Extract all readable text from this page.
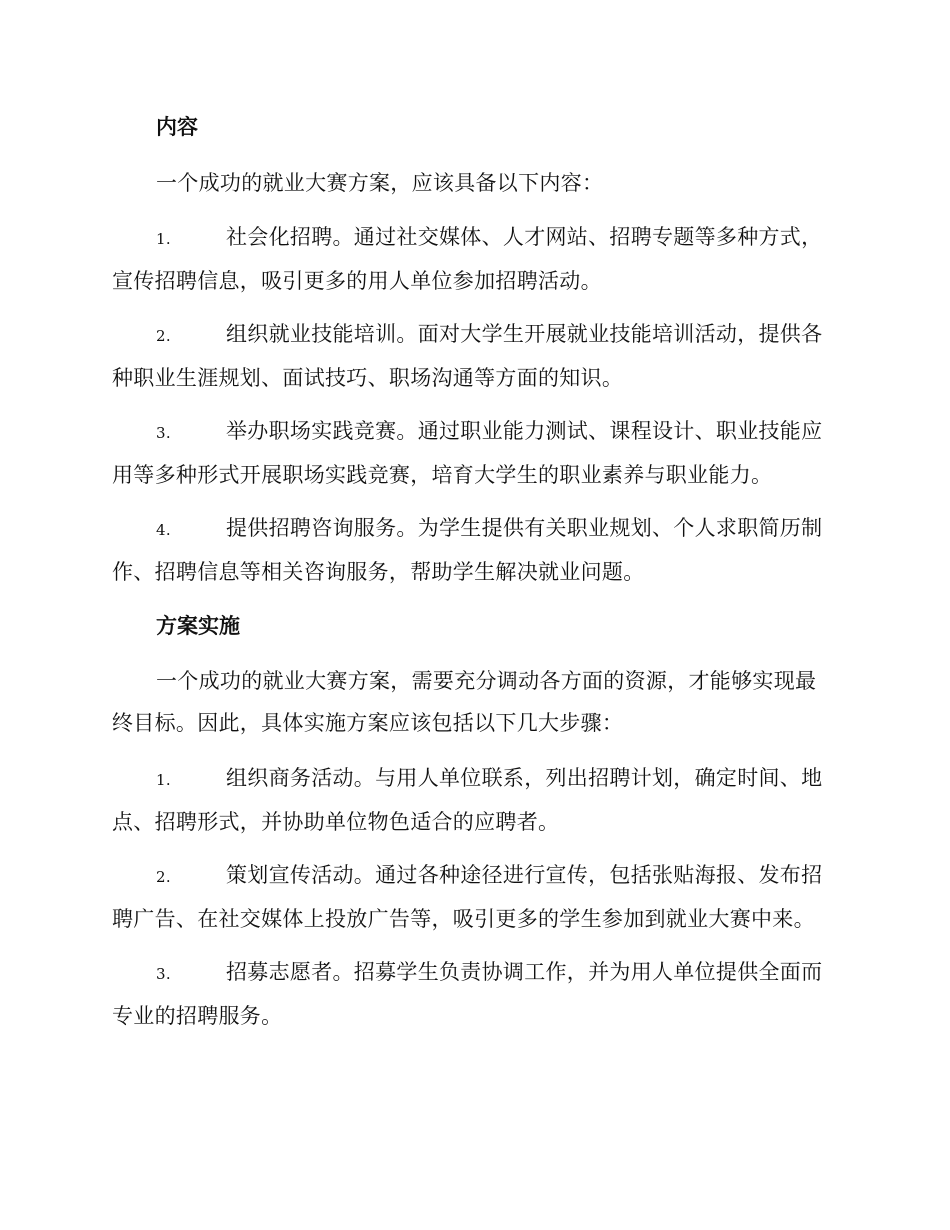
内容
一个成功的就业大赛方案，应该具备以下内容：
1.	社会化招聘。通过社交媒体、人才网站、招聘专题等多种方式，宣传招聘信息，吸引更多的用人单位参加招聘活动。
2.	组织就业技能培训。面对大学生开展就业技能培训活动，提供各种职业生涯规划、面试技巧、职场沟通等方面的知识。
3.	举办职场实践竞赛。通过职业能力测试、课程设计、职业技能应用等多种形式开展职场实践竞赛，培育大学生的职业素养与职业能力。
4.	提供招聘咨询服务。为学生提供有关职业规划、个人求职简历制作、招聘信息等相关咨询服务，帮助学生解决就业问题。
方案实施
一个成功的就业大赛方案，需要充分调动各方面的资源，才能够实现最终目标。因此，具体实施方案应该包括以下几大步骤：
1.	组织商务活动。与用人单位联系，列出招聘计划，确定时间、地点、招聘形式，并协助单位物色适合的应聘者。
2.	策划宣传活动。通过各种途径进行宣传，包括张贴海报、发布招聘广告、在社交媒体上投放广告等，吸引更多的学生参加到就业大赛中来。
3.	招募志愿者。招募学生负责协调工作，并为用人单位提供全面而专业的招聘服务。
